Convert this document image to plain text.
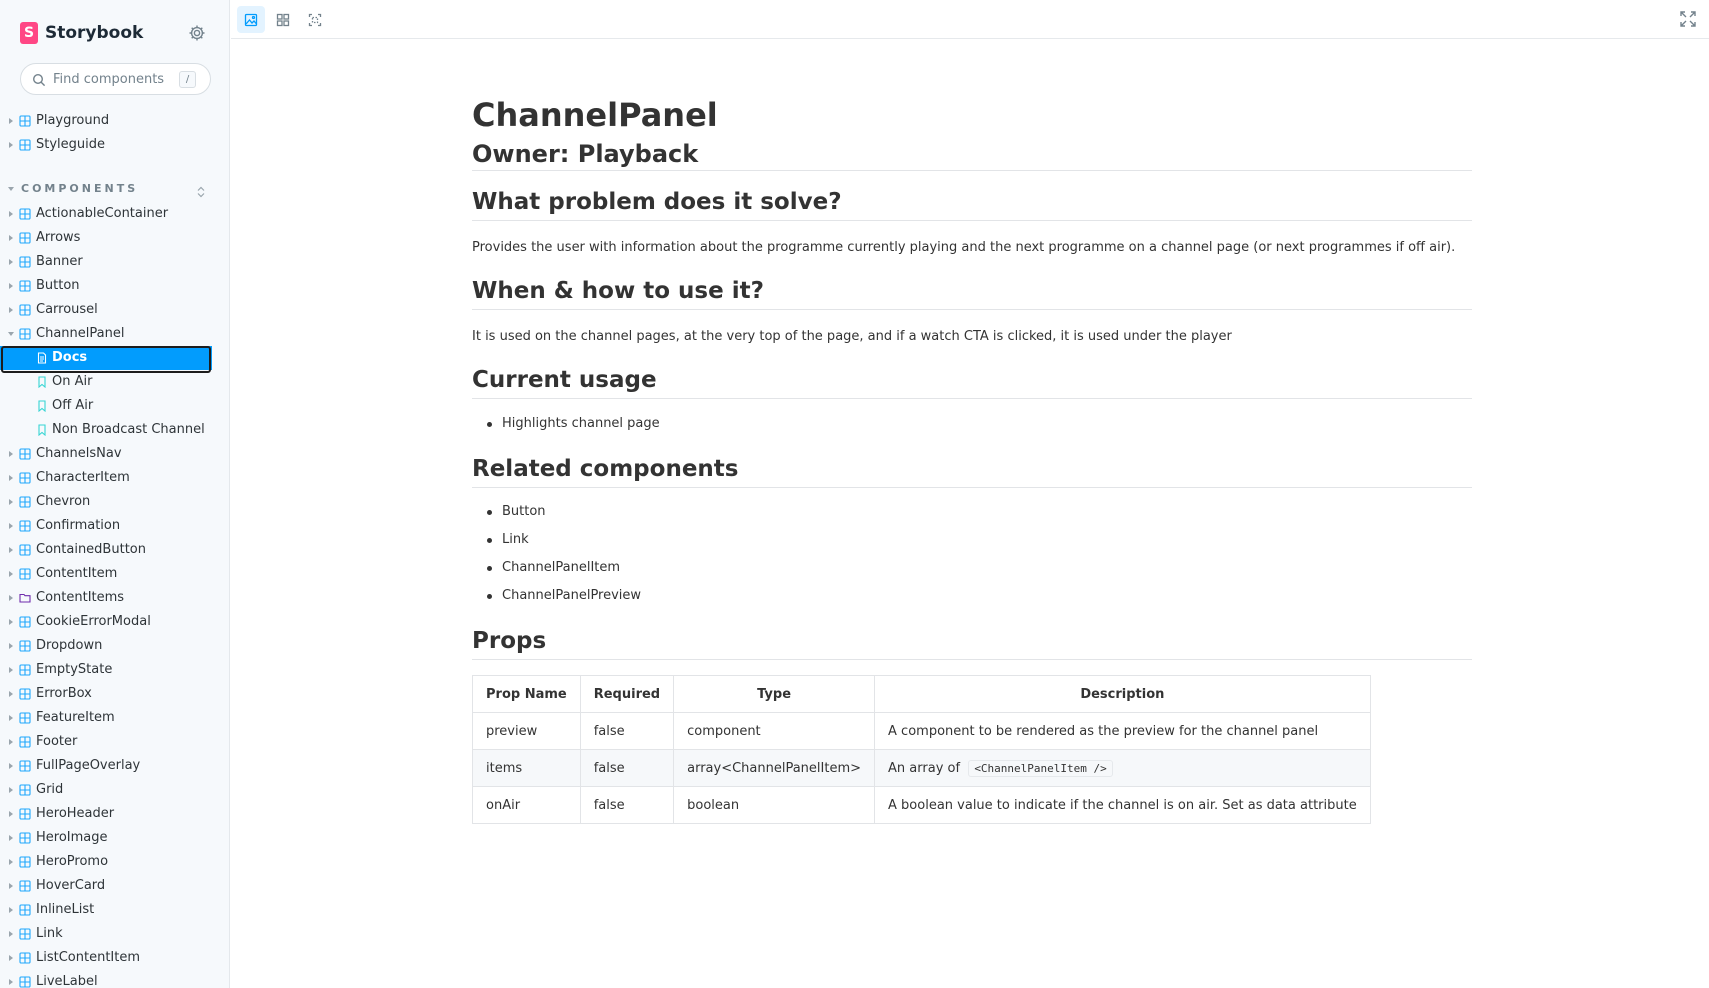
S Storybook
Find components	/
Playground
Styleguide
COMPONENTS
ActionableContainer
Arrows
Banner
Button
Carrousel
ChannelPanel
Docs
On Air
Off Air
Non Broadcast Channel
ChannelsNav
CharacterItem
Chevron
Confirmation
ContainedButton
ContentItem
ContentItems
CookieErrorModal
Dropdown
EmptyState
ErrorBox
FeatureItem
Footer
FullPageOverlay
Grid
HeroHeader
HeroImage
HeroPromo
HoverCard
InlineList
Link
ListContentItem
LiveLabel
ChannelPanel
Owner: Playback
What problem does it solve?

Provides the user with information about the programme currently playing and the next programme on a channel page (or next programmes if off air).

When & how to use it?

It is used on the channel pages, at the very top of the page, and if a watch CTA is clicked, it is used under the player

Current usage
Highlights channel page
Related components
Button
Link
ChannelPanelItem
ChannelPanelPreview
Props
Prop Name	Required	Type	Description
preview	false	component	A component to be rendered as the preview for the channel panel
items	false	array<ChannelPanelItem>	An array of <ChannelPanelItem />
onAir	false	boolean	A boolean value to indicate if the channel is on air. Set as data attribute
